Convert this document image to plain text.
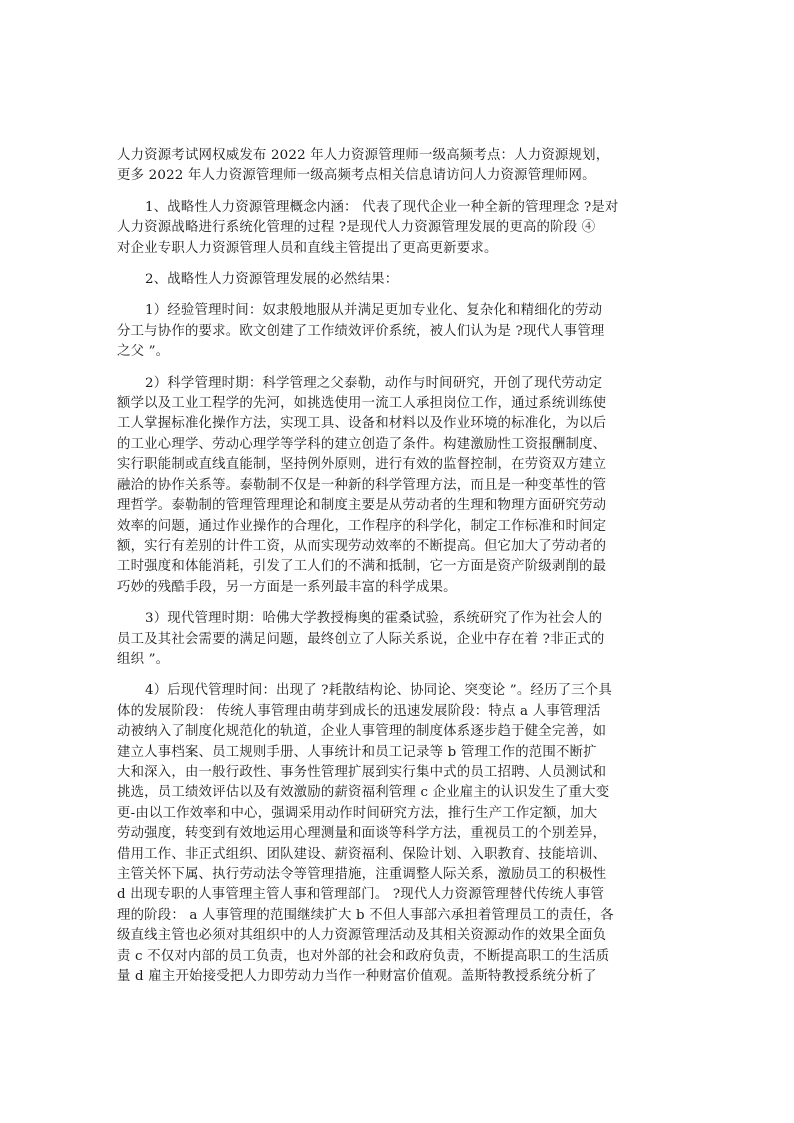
人力资源考试网权威发布 2022 年人力资源管理师一级高频考点：人力资源规划，
更多 2022 年人力资源管理师一级高频考点相关信息请访问人力资源管理师网。

1、战略性人力资源管理概念内涵： 代表了现代企业一种全新的管理理念 ?是对
人力资源战略进行系统化管理的过程 ?是现代人力资源管理发展的更高的阶段 ④
对企业专职人力资源管理人员和直线主管提出了更高更新要求。

2、战略性人力资源管理发展的必然结果：

1）经验管理时间：奴隶般地服从并满足更加专业化、复杂化和精细化的劳动
分工与协作的要求。欧文创建了工作绩效评价系统，被人们认为是 ?现代人事管理
之父 ”。

2）科学管理时期：科学管理之父泰勒，动作与时间研究，开创了现代劳动定
额学以及工业工程学的先河，如挑选使用一流工人承担岗位工作，通过系统训练使
工人掌握标准化操作方法，实现工具、设备和材料以及作业环境的标准化，为以后
的工业心理学、劳动心理学等学科的建立创造了条件。构建激励性工资报酬制度、
实行职能制或直线直能制，坚持例外原则，进行有效的监督控制，在劳资双方建立
融洽的协作关系等。泰勒制不仅是一种新的科学管理方法，而且是一种变革性的管
理哲学。泰勒制的管理管理理论和制度主要是从劳动者的生理和物理方面研究劳动
效率的问题，通过作业操作的合理化，工作程序的科学化，制定工作标准和时间定
额，实行有差别的计件工资，从而实现劳动效率的不断提高。但它加大了劳动者的
工时强度和体能消耗，引发了工人们的不满和抵制，它一方面是资产阶级剥削的最
巧妙的残酷手段，另一方面是一系列最丰富的科学成果。

3）现代管理时期：哈佛大学教授梅奥的霍桑试验，系统研究了作为社会人的
员工及其社会需要的满足问题，最终创立了人际关系说，企业中存在着 ?非正式的
组织 ”。

4）后现代管理时间：出现了 ?耗散结构论、协同论、突变论 ”。经历了三个具
体的发展阶段： 传统人事管理由萌芽到成长的迅速发展阶段：特点 a 人事管理活
动被纳入了制度化规范化的轨道，企业人事管理的制度体系逐步趋于健全完善，如
建立人事档案、员工规则手册、人事统计和员工记录等 b 管理工作的范围不断扩
大和深入，由一般行政性、事务性管理扩展到实行集中式的员工招聘、人员测试和
挑选，员工绩效评估以及有效激励的薪资福利管理 c 企业雇主的认识发生了重大变
更-由以工作效率和中心，强调采用动作时间研究方法，推行生产工作定额，加大
劳动强度，转变到有效地运用心理测量和面谈等科学方法，重视员工的个别差异，
借用工作、非正式组织、团队建设、薪资福利、保险计划、入职教育、技能培训、
主管关怀下属、执行劳动法令等管理措施，注重调整人际关系，激励员工的积极性
d 出现专职的人事管理主管人事和管理部门。 ?现代人力资源管理替代传统人事管
理的阶段： a 人事管理的范围继续扩大 b 不但人事部六承担着管理员工的责任，各
级直线主管也必须对其组织中的人力资源管理活动及其相关资源动作的效果全面负
责 c 不仅对内部的员工负责，也对外部的社会和政府负责，不断提高职工的生活质
量 d 雇主开始接受把人力即劳动力当作一种财富价值观。盖斯特教授系统分析了
